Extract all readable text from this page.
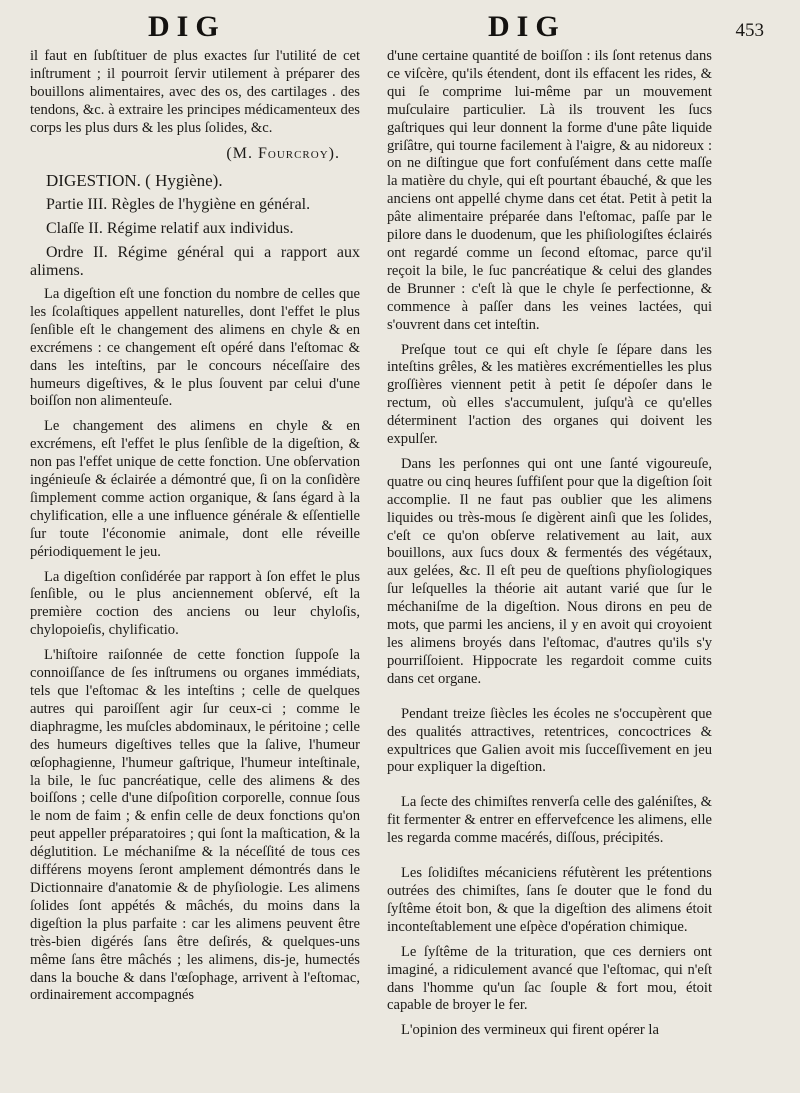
DIG	DIG	453

il faut en ſubſtituer de plus exactes ſur l'utilité de cet inſtrument ; il pourroit ſervir utilement à préparer des bouillons alimentaires, avec des os, des cartilages . des tendons, &c. à extraire les principes médicamenteux des corps les plus durs & les plus ſolides, &c.

(M. Fourcroy).
DIGESTION. ( Hygiène).
Partie III. Règles de l'hygiène en général.
Claſſe II. Régime relatif aux individus.
Ordre II. Régime général qui a rapport aux alimens.

La digeſtion eſt une fonction du nombre de celles que les ſcolaſtiques appellent naturelles, dont l'effet le plus ſenſible eſt le changement des alimens en chyle & en excrémens : ce changement eſt opéré dans l'eſtomac & dans les inteſtins, par le concours néceſſaire des humeurs digeſtives, & le plus ſouvent par celui d'une boiſſon non alimenteuſe.

Le changement des alimens en chyle & en excrémens, eſt l'effet le plus ſenſible de la digeſtion, & non pas l'effet unique de cette fonction. Une obſervation ingénieuſe & éclairée a démontré que, ſi on la conſidère ſimplement comme action organique, & ſans égard à la chylification, elle a une influence générale & eſſentielle ſur toute l'économie animale, dont elle réveille périodiquement le jeu.

La digeſtion conſidérée par rapport à ſon effet le plus ſenſible, ou le plus anciennement obſervé, eſt la première coction des anciens ou leur chyloſis, chylopoieſis, chylificatio.

L'hiſtoire raiſonnée de cette fonction ſuppoſe la connoiſſance de ſes inſtrumens ou organes immédiats, tels que l'eſtomac & les inteſtins ; celle de quelques autres qui paroiſſent agir ſur ceux-ci ; comme le diaphragme, les muſcles abdominaux, le péritoine ; celle des humeurs digeſtives telles que la ſalive, l'humeur œſophagienne, l'humeur gaſtrique, l'humeur inteſtinale, la bile, le ſuc pancréatique, celle des alimens & des boiſſons ; celle d'une diſpoſition corporelle, connue ſous le nom de faim ; & enfin celle de deux fonctions qu'on peut appeller préparatoires ; qui ſont la maſtication, & la déglutition. Le méchaniſme & la néceſſité de tous ces différens moyens ſeront amplement démontrés dans le Dictionnaire d'anatomie & de phyſiologie. Les alimens ſolides ſont appétés & mâchés, du moins dans la digeſtion la plus parfaite : car les alimens peuvent être très-bien digérés ſans être deſirés, & quelques-uns même ſans être mâchés ; les alimens, dis-je, humectés dans la bouche & dans l'œſophage, arrivent à l'eſtomac, ordinairement accompagnés

d'une certaine quantité de boiſſon : ils ſont retenus dans ce viſcère, qu'ils étendent, dont ils effacent les rides, & qui ſe comprime lui-même par un mouvement muſculaire particulier. Là ils trouvent les ſucs gaſtriques qui leur donnent la forme d'une pâte liquide griſâtre, qui tourne facilement à l'aigre, & au nidoreux : on ne diſtingue que fort confuſément dans cette maſſe la matière du chyle, qui eſt pourtant ébauché, & que les anciens ont appellé chyme dans cet état. Petit à petit la pâte alimentaire préparée dans l'eſtomac, paſſe par le pilore dans le duodenum, que les phiſiologiſtes éclairés ont regardé comme un ſecond eſtomac, parce qu'il reçoit la bile, le ſuc pancréatique & celui des glandes de Brunner : c'eſt là que le chyle ſe perfectionne, & commence à paſſer dans les veines lactées, qui s'ouvrent dans cet inteſtin.

Preſque tout ce qui eſt chyle ſe ſépare dans les inteſtins grêles, & les matières excrémentielles les plus groſſières viennent petit à petit ſe dépoſer dans le rectum, où elles s'accumulent, juſqu'à ce qu'elles déterminent l'action des organes qui doivent les expulſer.

Dans les perſonnes qui ont une ſanté vigoureuſe, quatre ou cinq heures ſuffiſent pour que la digeſtion ſoit accomplie. Il ne faut pas oublier que les alimens liquides ou très-mous ſe digèrent ainſi que les ſolides, c'eſt ce qu'on obſerve relativement au lait, aux bouillons, aux ſucs doux & fermentés des végétaux, aux gelées, &c. Il eſt peu de queſtions phyſiologiques ſur leſquelles la théorie ait autant varié que ſur le méchaniſme de la digeſtion. Nous dirons en peu de mots, que parmi les anciens, il y en avoit qui croyoient les alimens broyés dans l'eſtomac, d'autres qu'ils s'y pourriſſoient. Hippocrate les regardoit comme cuits dans cet organe.

Pendant treize ſiècles les écoles ne s'occupèrent que des qualités attractives, retentrices, concoctrices & expultrices que Galien avoit mis ſucceſſivement en jeu pour expliquer la digeſtion.

La ſecte des chimiſtes renverſa celle des galéniſtes, & fit fermenter & entrer en effervefcence les alimens, elle les regarda comme macérés, diſſous, précipités.

Les ſolidiſtes mécaniciens réfutèrent les prétentions outrées des chimiſtes, ſans ſe douter que le fond du ſyſtême étoit bon, & que la digeſtion des alimens étoit inconteſtablement une eſpèce d'opération chimique.

Le ſyſtême de la trituration, que ces derniers ont imaginé, a ridiculement avancé que l'eſtomac, qui n'eſt dans l'homme qu'un ſac ſouple & fort mou, étoit capable de broyer le fer.

L'opinion des vermineux qui firent opérer la
